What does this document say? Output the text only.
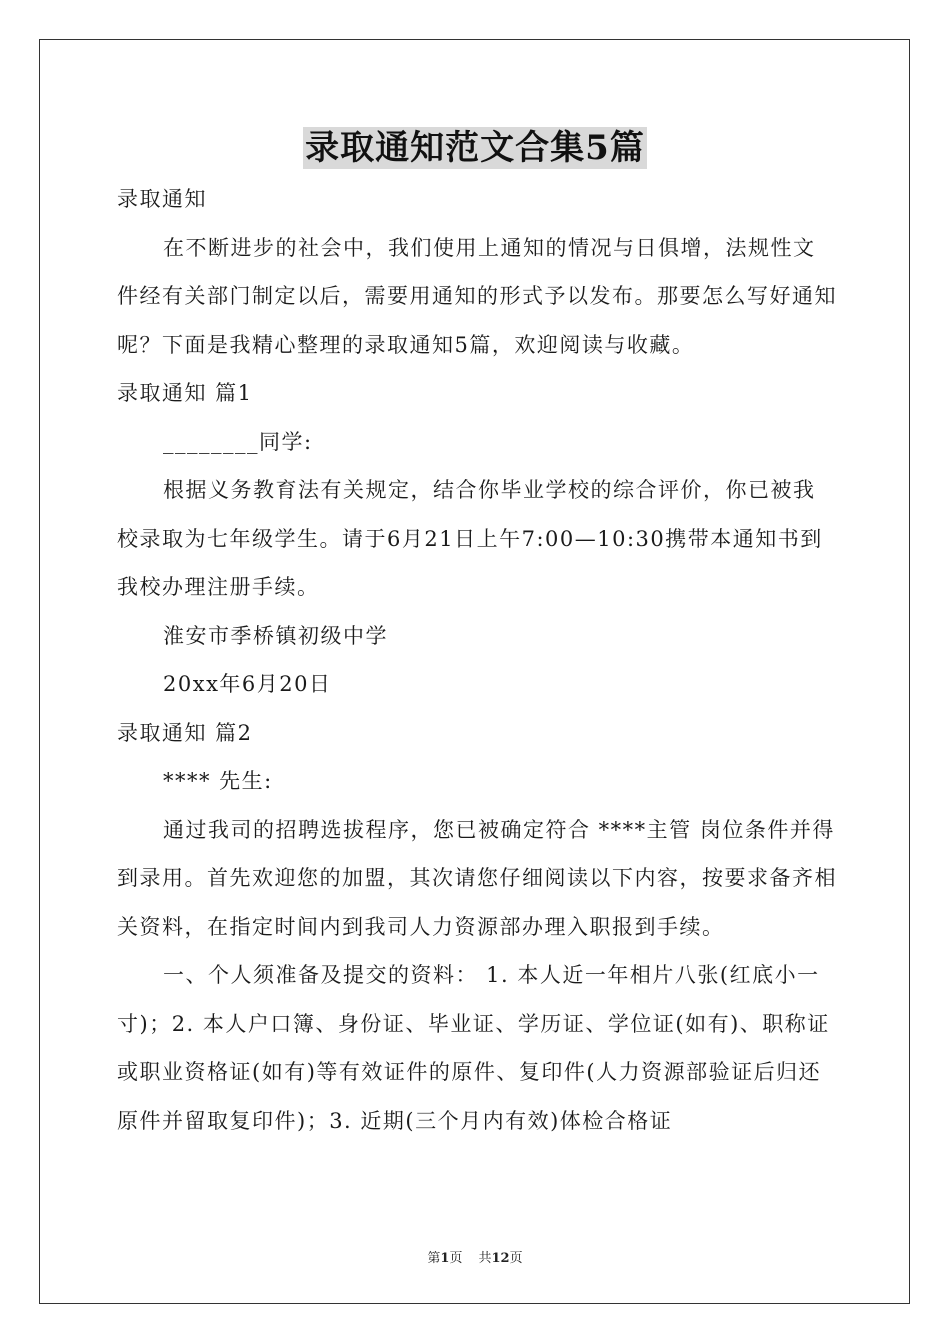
录取通知范文合集5篇

录取通知

在不断进步的社会中，我们使用上通知的情况与日俱增，法规性文件经有关部门制定以后，需要用通知的形式予以发布。那要怎么写好通知呢？下面是我精心整理的录取通知5篇，欢迎阅读与收藏。

录取通知 篇1

________同学:

根据义务教育法有关规定，结合你毕业学校的综合评价，你已被我校录取为七年级学生。请于6月21日上午7:00—10:30携带本通知书到我校办理注册手续。

淮安市季桥镇初级中学

20xx年6月20日

录取通知 篇2

**** 先生:

通过我司的招聘选拔程序，您已被确定符合 ****主管 岗位条件并得到录用。首先欢迎您的加盟，其次请您仔细阅读以下内容，按要求备齐相关资料，在指定时间内到我司人力资源部办理入职报到手续。

一、个人须准备及提交的资料： 1. 本人近一年相片八张(红底小一寸)；2. 本人户口簿、身份证、毕业证、学历证、学位证(如有)、职称证或职业资格证(如有)等有效证件的原件、复印件(人力资源部验证后归还原件并留取复印件)；3. 近期(三个月内有效)体检合格证

第1页 共12页
